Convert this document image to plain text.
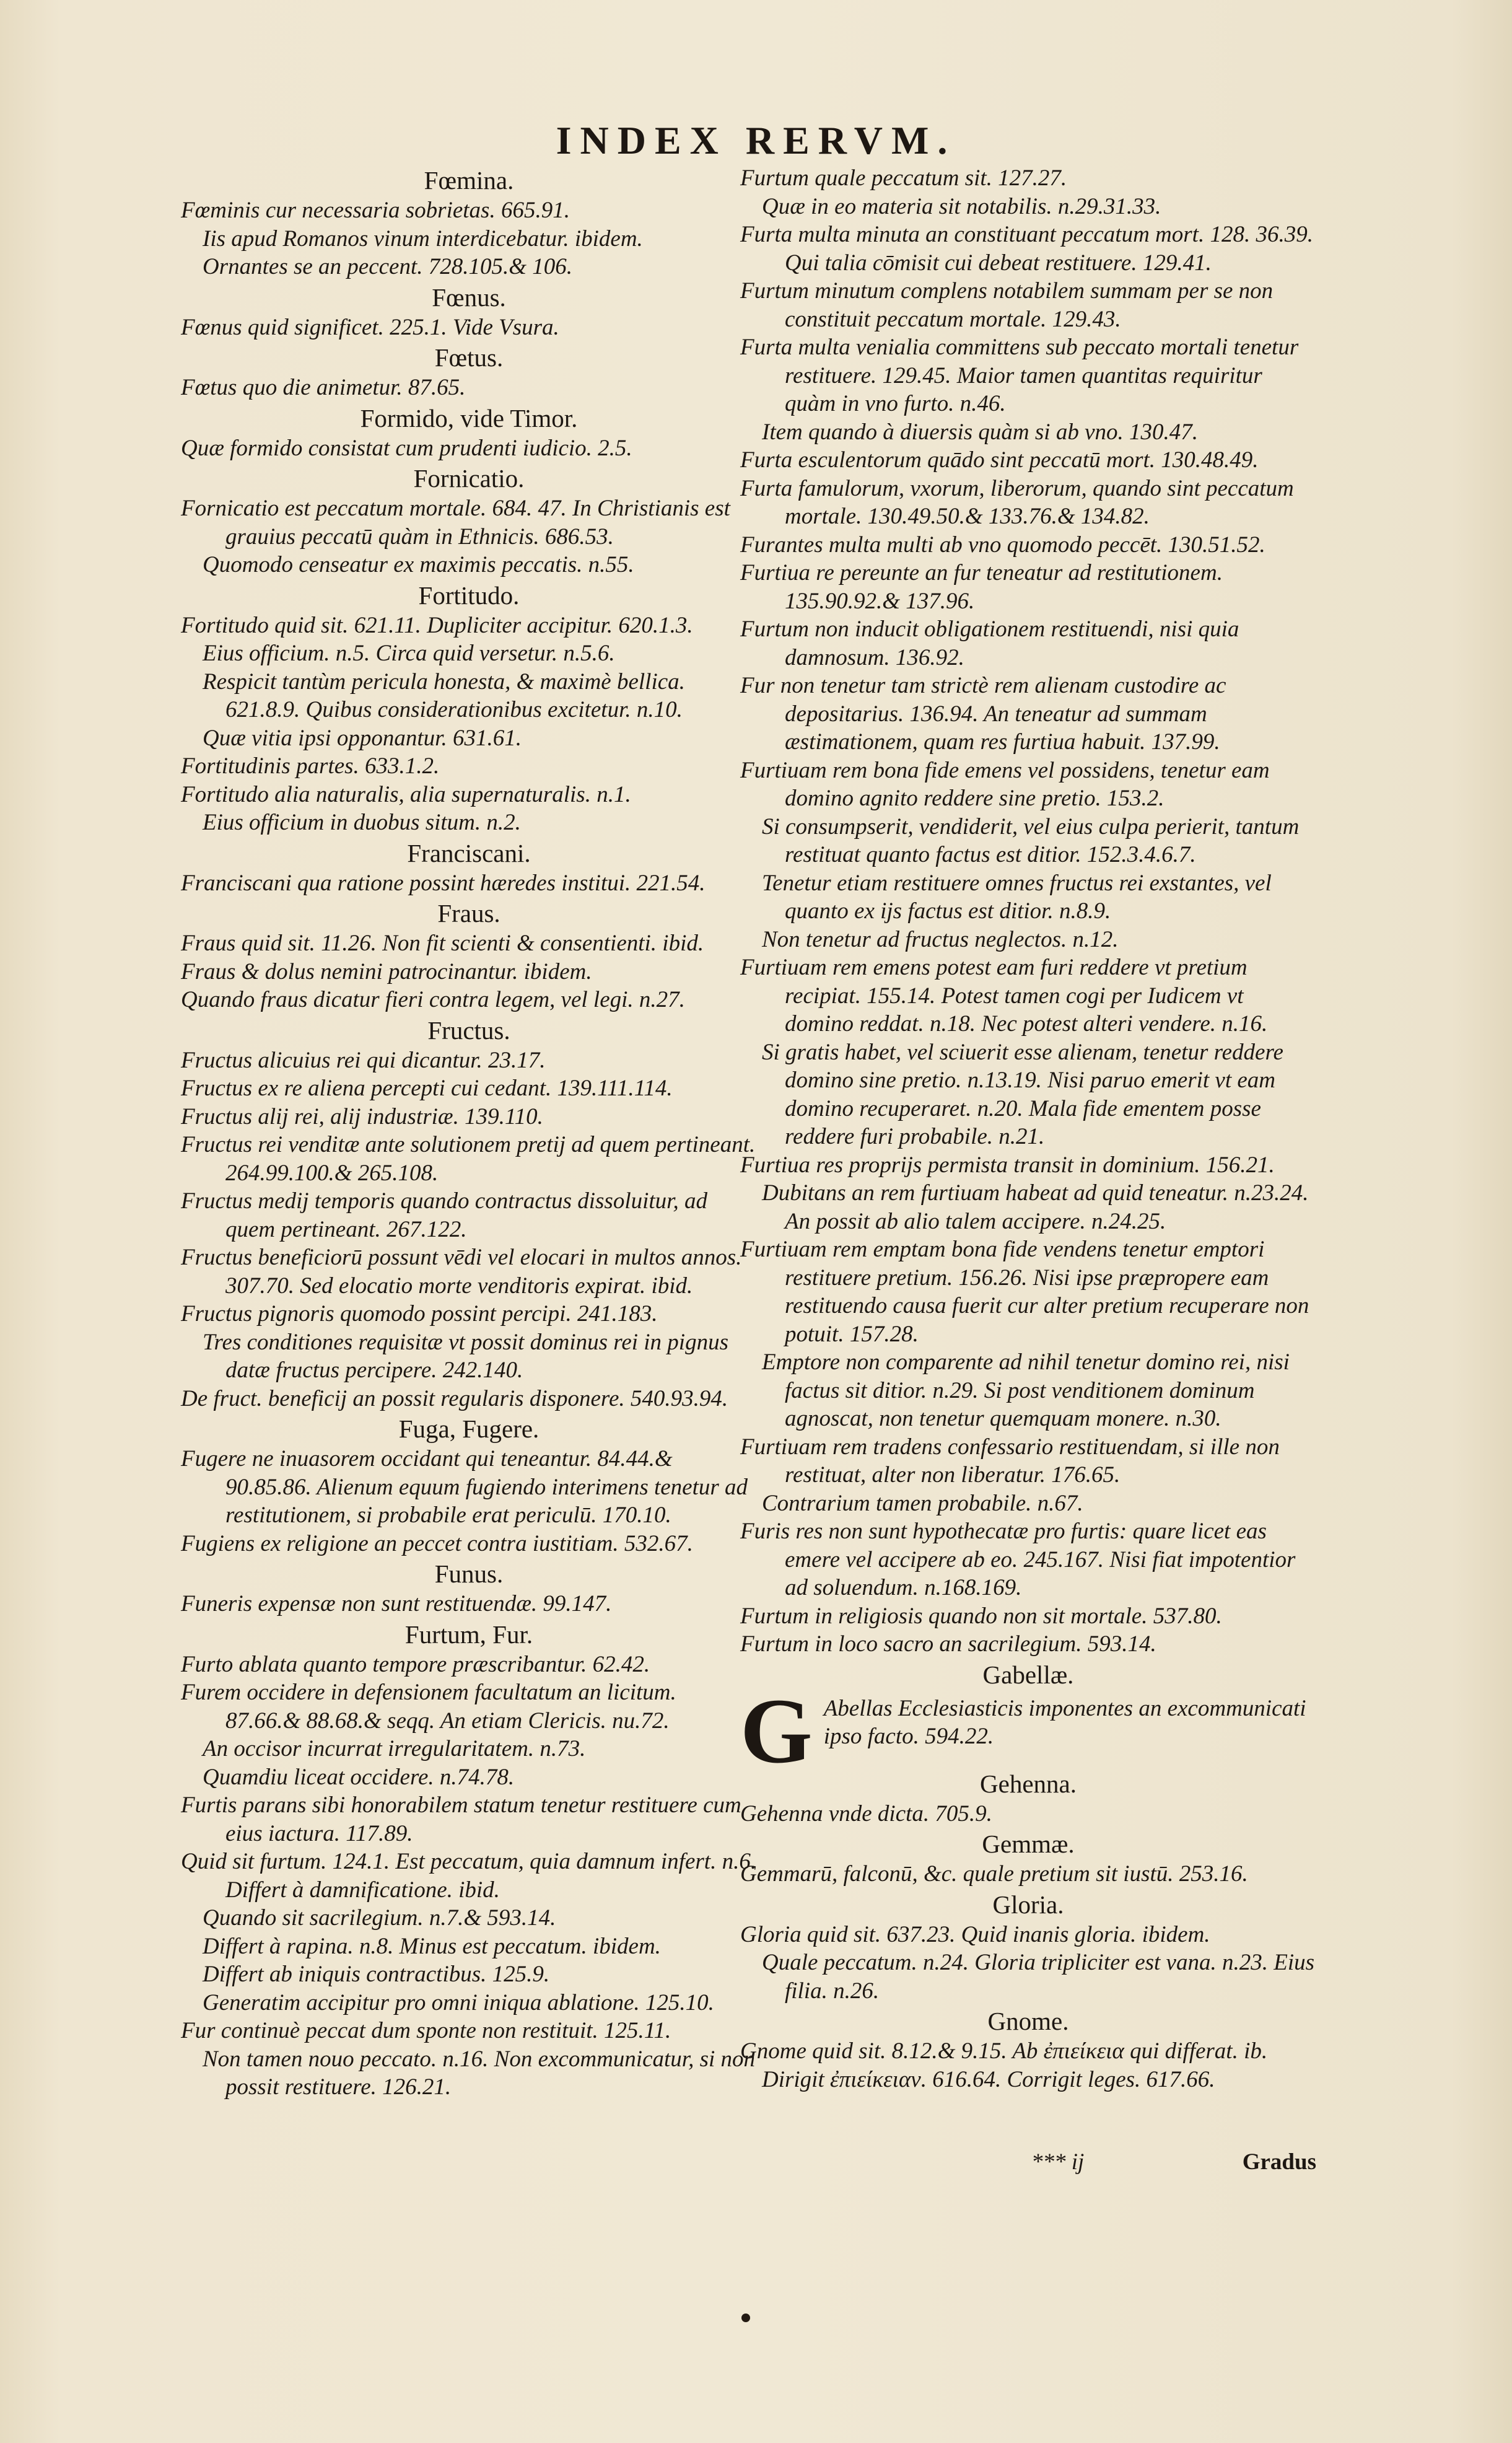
INDEX RERVM.
Fœmina.
Fœminis cur necessaria sobrietas. 665.91.
Iis apud Romanos vinum interdicebatur. ibidem.
Ornantes se an peccent. 728.105.& 106.
Fœnus.
Fœnus quid significet. 225.1. Vide Vsura.
Fœtus.
Fœtus quo die animetur. 87.65.
Formido, vide Timor.
Quæ formido consistat cum prudenti iudicio. 2.5.
Fornicatio.
Fornicatio est peccatum mortale. 684. 47. In Christianis est grauius peccatū quàm in Ethnicis. 686.53.
Quomodo censeatur ex maximis peccatis. n.55.
Fortitudo.
Fortitudo quid sit. 621.11. Dupliciter accipitur. 620.1.3.
Eius officium. n.5. Circa quid versetur. n.5.6.
Respicit tantùm pericula honesta, & maximè bellica. 621.8.9. Quibus considerationibus excitetur. n.10.
Quæ vitia ipsi opponantur. 631.61.
Fortitudinis partes. 633.1.2.
Fortitudo alia naturalis, alia supernaturalis. n.1.
Eius officium in duobus situm. n.2.
Franciscani.
Franciscani qua ratione possint hæredes institui. 221.54.
Fraus.
Fraus quid sit. 11.26. Non fit scienti & consentienti. ibid.
Fraus & dolus nemini patrocinantur. ibidem.
Quando fraus dicatur fieri contra legem, vel legi. n.27.
Fructus.
Fructus alicuius rei qui dicantur. 23.17.
Fructus ex re aliena percepti cui cedant. 139.111.114.
Fructus alij rei, alij industriæ. 139.110.
Fructus rei venditæ ante solutionem pretij ad quem pertineant. 264.99.100.& 265.108.
Fructus medij temporis quando contractus dissoluitur, ad quem pertineant. 267.122.
Fructus beneficiorū possunt vēdi vel elocari in multos annos. 307.70. Sed elocatio morte venditoris expirat. ibid.
Fructus pignoris quomodo possint percipi. 241.183.
Tres conditiones requisitæ vt possit dominus rei in pignus datæ fructus percipere. 242.140.
De fruct. beneficij an possit regularis disponere. 540.93.94.
Fuga, Fugere.
Fugere ne inuasorem occidant qui teneantur. 84.44.& 90.85.86. Alienum equum fugiendo interimens tenetur ad restitutionem, si probabile erat periculū. 170.10.
Fugiens ex religione an peccet contra iustitiam. 532.67.
Funus.
Funeris expensæ non sunt restituendæ. 99.147.
Furtum, Fur.
Furto ablata quanto tempore præscribantur. 62.42.
Furem occidere in defensionem facultatum an licitum. 87.66.& 88.68.& seqq. An etiam Clericis. nu.72.
An occisor incurrat irregularitatem. n.73.
Quamdiu liceat occidere. n.74.78.
Furtis parans sibi honorabilem statum tenetur restituere cum eius iactura. 117.89.
Quid sit furtum. 124.1. Est peccatum, quia damnum infert. n.6. Differt à damnificatione. ibid.
Quando sit sacrilegium. n.7.& 593.14.
Differt à rapina. n.8. Minus est peccatum. ibidem.
Differt ab iniquis contractibus. 125.9.
Generatim accipitur pro omni iniqua ablatione. 125.10.
Fur continuè peccat dum sponte non restituit. 125.11.
Non tamen nouo peccato. n.16. Non excommunicatur, si non possit restituere. 126.21.
Furtum quale peccatum sit. 127.27.
Quæ in eo materia sit notabilis. n.29.31.33.
Furta multa minuta an constituant peccatum mort. 128. 36.39. Qui talia cōmisit cui debeat restituere. 129.41.
Furtum minutum complens notabilem summam per se non constituit peccatum mortale. 129.43.
Furta multa venialia committens sub peccato mortali tenetur restituere. 129.45. Maior tamen quantitas requiritur quàm in vno furto. n.46.
Item quando à diuersis quàm si ab vno. 130.47.
Furta esculentorum quādo sint peccatū mort. 130.48.49.
Furta famulorum, vxorum, liberorum, quando sint peccatum mortale. 130.49.50.& 133.76.& 134.82.
Furantes multa multi ab vno quomodo peccēt. 130.51.52.
Furtiua re pereunte an fur teneatur ad restitutionem. 135.90.92.& 137.96.
Furtum non inducit obligationem restituendi, nisi quia damnosum. 136.92.
Fur non tenetur tam strictè rem alienam custodire ac depositarius. 136.94. An teneatur ad summam æstimationem, quam res furtiua habuit. 137.99.
Furtiuam rem bona fide emens vel possidens, tenetur eam domino agnito reddere sine pretio. 153.2.
Si consumpserit, vendiderit, vel eius culpa perierit, tantum restituat quanto factus est ditior. 152.3.4.6.7.
Tenetur etiam restituere omnes fructus rei exstantes, vel quanto ex ijs factus est ditior. n.8.9.
Non tenetur ad fructus neglectos. n.12.
Furtiuam rem emens potest eam furi reddere vt pretium recipiat. 155.14. Potest tamen cogi per Iudicem vt domino reddat. n.18. Nec potest alteri vendere. n.16.
Si gratis habet, vel sciuerit esse alienam, tenetur reddere domino sine pretio. n.13.19. Nisi paruo emerit vt eam domino recuperaret. n.20. Mala fide ementem posse reddere furi probabile. n.21.
Furtiua res proprijs permista transit in dominium. 156.21.
Dubitans an rem furtiuam habeat ad quid teneatur. n.23.24. An possit ab alio talem accipere. n.24.25.
Furtiuam rem emptam bona fide vendens tenetur emptori restituere pretium. 156.26. Nisi ipse præpropere eam restituendo causa fuerit cur alter pretium recuperare non potuit. 157.28.
Emptore non comparente ad nihil tenetur domino rei, nisi factus sit ditior. n.29. Si post venditionem dominum agnoscat, non tenetur quemquam monere. n.30.
Furtiuam rem tradens confessario restituendam, si ille non restituat, alter non liberatur. 176.65.
Contrarium tamen probabile. n.67.
Furis res non sunt hypothecatæ pro furtis: quare licet eas emere vel accipere ab eo. 245.167. Nisi fiat impotentior ad soluendum. n.168.169.
Furtum in religiosis quando non sit mortale. 537.80.
Furtum in loco sacro an sacrilegium. 593.14.
Gabellæ.
G Abellas Ecclesiasticis imponentes an excommunicati ipso facto. 594.22.
Gehenna.
Gehenna vnde dicta. 705.9.
Gemmæ.
Gemmarū, falconū, &c. quale pretium sit iustū. 253.16.
Gloria.
Gloria quid sit. 637.23. Quid inanis gloria. ibidem.
Quale peccatum. n.24. Gloria tripliciter est vana. n.23. Eius filia. n.26.
Gnome.
Gnome quid sit. 8.12.& 9.15. Ab ἐπιείκεια qui differat. ib.
Dirigit ἐπιείκειαν. 616.64. Corrigit leges. 617.66.
*** ij	Gradus
